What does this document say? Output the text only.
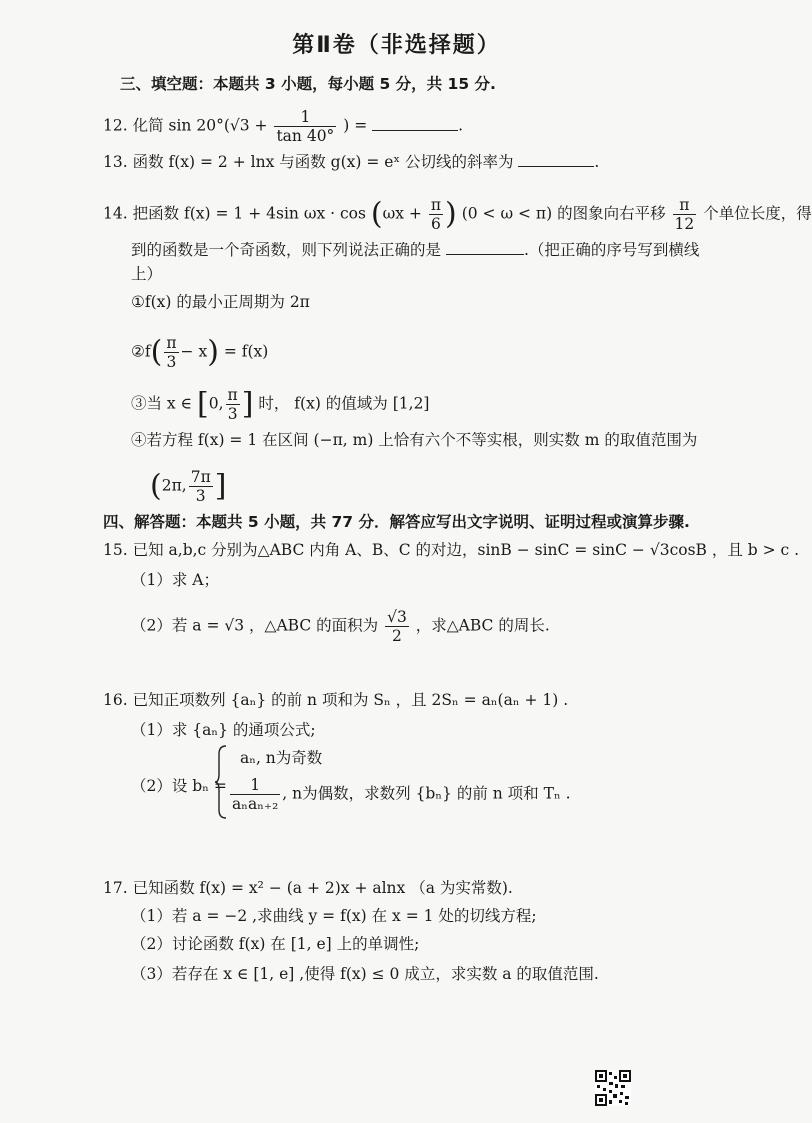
第Ⅱ卷（非选择题）
三、填空题：本题共 3 小题，每小题 5 分，共 15 分.
12. 化简 $\sin 20^\circ(√3 + \frac{1}{\tan 40^\circ}$ ) =	.
13. 函数 f(x) = 2 + lnx 与函数 g(x) = eˣ 公切线的斜率为	.
14. 把函数 f(x) = 1 + 4sin $\omega x \cdot \cos (\omega x + \frac{\pi}{6}$ ) (0 < ω < π) 的图象向右平移 $\frac{\pi}{12}$ 个单位长度，得
到的函数是一个奇函数，则下列说法正确的是	.（把正确的序号写到横线
上）
①f(x) 的最小正周期为 2π
②f( $\frac{\pi}{3} - x) = f(x)$
③当 x ∈ [0, $\frac{\pi}{3}$ ] 时， f(x) 的值域为 [1,2]
④若方程 f(x) = 1 在区间 (−π, m) 上恰有六个不等实根，则实数 m 的取值范围为
(2π, $\frac{7\pi}{3}$ ]
四、解答题：本题共 5 小题，共 77 分．解答应写出文字说明、证明过程或演算步骤.
15. 已知 a,b,c 分别为△ABC 内角 A、B、C 的对边，sinB − sinC = sinC − √3cosB ，且 b > c .
（1）求 A；
（2）若 a = √3 ，△ABC 的面积为 $\frac{√3}{2}$ ，求△ABC 的周长.
16. 已知正项数列 {aₙ} 的前 n 项和为 Sₙ ，且 2Sₙ = aₙ(aₙ + 1) .
（1）求 {aₙ} 的通项公式;
（2）设 bₙ =
aₙ, n为奇数
$\frac{1}{\text{aₙaₙ₊₂}}$ , n为偶数，求数列 {bₙ} 的前 n 项和 Tₙ .
17. 已知函数 f(x) = x² − (a + 2)x + alnx （a 为实常数).
（1）若 a = −2 ,求曲线 y = f(x) 在 x = 1 处的切线方程;
（2）讨论函数 f(x) 在 [1, e] 上的单调性;
（3）若存在 x ∈ [1, e] ,使得 f(x) ≤ 0 成立，求实数 a 的取值范围.
